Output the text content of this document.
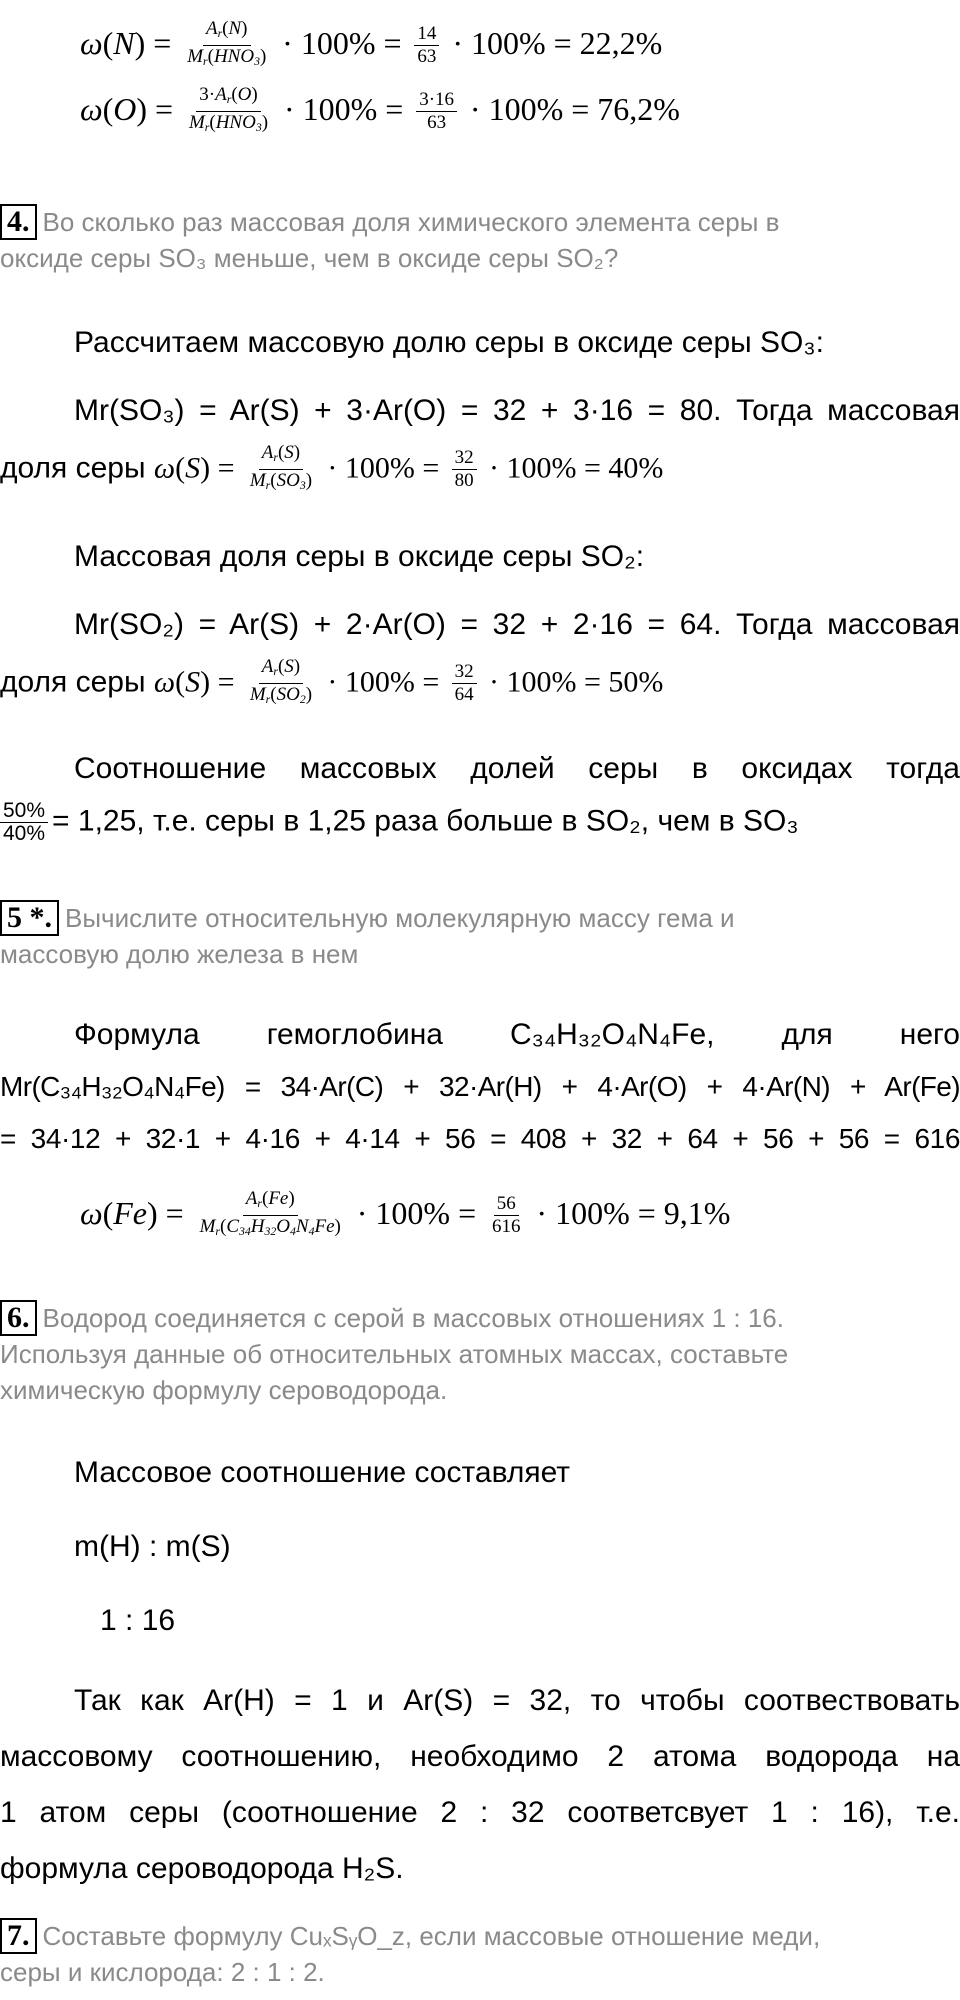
$\omega(N) = \frac{A_r(N)}{M_r(HNO_3)} \cdot 100\% = \frac{14}{63} \cdot 100\% = 22,2\%$
$\omega(O) = \frac{3\cdot A_r(O)}{M_r(HNO_3)} \cdot 100\% = \frac{3\cdot 16}{63} \cdot 100\% = 76,2\%$
4. Во сколько раз массовая доля химического элемента серы в
оксиде серы SO₃ меньше, чем в оксиде серы SO₂?
Рассчитаем массовую долю серы в оксиде серы SO₃:
Mr(SO₃) = Ar(S) + 3·Ar(O) = 32 + 3·16 = 80. Тогда массовая
доля серы $\omega(S) = \frac{A_r(S)}{M_r(SO_3)} \cdot 100\% = \frac{32}{80} \cdot 100\% = 40\%$
Массовая доля серы в оксиде серы SO₂:
Mr(SO₂) = Ar(S) + 2·Ar(O) = 32 + 2·16 = 64. Тогда массовая
доля серы $\omega(S) = \frac{A_r(S)}{M_r(SO_2)} \cdot 100\% = \frac{32}{64} \cdot 100\% = 50\%$
Соотношение массовых долей серы в оксидах тогда
$\frac{50\%}{40\%} = 1,25$, т.е. серы в 1,25 раза больше в SO₂, чем в SO₃
5 *. Вычислите относительную молекулярную массу гема и
массовую долю железа в нем
Формула гемоглобина C₃₄H₃₂O₄N₄Fe, для него
Mr(C₃₄H₃₂O₄N₄Fe) = 34·Ar(C) + 32·Ar(H) + 4·Ar(O) + 4·Ar(N) + Ar(Fe)
= 34·12 + 32·1 + 4·16 + 4·14 + 56 = 408 + 32 + 64 + 56 + 56 = 616
$\omega(Fe) = \frac{A_r(Fe)}{M_r(C_{34}H_{32}O_4N_4Fe)} \cdot 100\% = \frac{56}{616} \cdot 100\% = 9,1\%$
6. Водород соединяется с серой в массовых отношениях 1 : 16.
Используя данные об относительных атомных массах, составьте
химическую формулу сероводорода.
Массовое соотношение составляет
m(H) : m(S)
1 : 16
Так как Ar(H) = 1 и Ar(S) = 32, то чтобы соотвествовать
массовому соотношению, необходимо 2 атома водорода на
1 атом серы (соотношение 2 : 32 соответсвует 1 : 16), т.е.
формула сероводорода H₂S.
7. Составьте формулу CuₓSᵧO_z, если массовые отношение меди,
серы и кислорода: 2 : 1 : 2.
